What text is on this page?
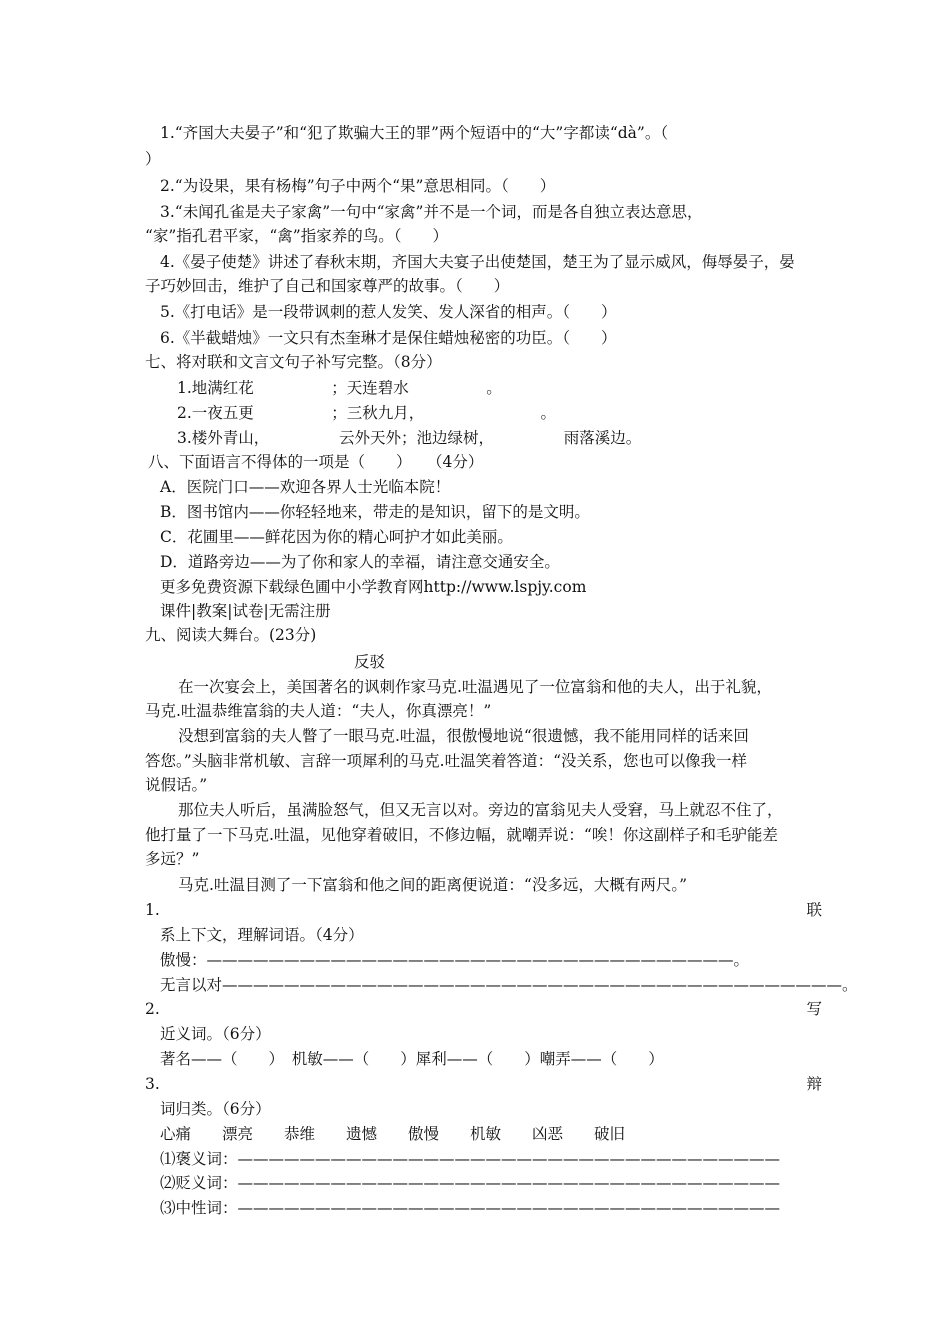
1.“齐国大夫晏子”和“犯了欺骗大王的罪”两个短语中的“大”字都读“dà”。（
）
2.“为设果，果有杨梅”句子中两个“果”意思相同。（　　）
3.“未闻孔雀是夫子家禽”一句中“家禽”并不是一个词，而是各自独立表达意思，
“家”指孔君平家，“禽”指家养的鸟。（　　）
4.《晏子使楚》讲述了春秋末期，齐国大夫宴子出使楚国，楚王为了显示威风，侮辱晏子，晏
子巧妙回击，维护了自己和国家尊严的故事。（　　）
5.《打电话》是一段带讽刺的惹人发笑、发人深省的相声。（　　）
6.《半截蜡烛》一文只有杰奎琳才是保住蜡烛秘密的功臣。（　　）
七、将对联和文言文句子补写完整。（8分）
1.地满红花　　　　　；天连碧水　　　　　。
2.一夜五更　　　　　；三秋九月，　　　　　　　　。
3.楼外青山，　　　　　云外天外；池边绿树，　　　　　雨落溪边。
八、下面语言不得体的一项是（　　）　　（4分）
A．医院门口——欢迎各界人士光临本院！
B．图书馆内——你轻轻地来，带走的是知识，留下的是文明。
C．花圃里——鲜花因为你的精心呵护才如此美丽。
D．道路旁边——为了你和家人的幸福，请注意交通安全。
更多免费资源下载绿色圃中小学教育网http://www.lspjy.com
课件|教案|试卷|无需注册
九、阅读大舞台。(23分)
反驳
在一次宴会上，美国著名的讽刺作家马克.吐温遇见了一位富翁和他的夫人，出于礼貌，
马克.吐温恭维富翁的夫人道：“夫人，你真漂亮！”
没想到富翁的夫人瞥了一眼马克.吐温，很傲慢地说“很遗憾，我不能用同样的话来回
答您。”头脑非常机敏、言辞一项犀利的马克.吐温笑着答道：“没关系，您也可以像我一样
说假话。”
那位夫人听后，虽满脸怒气，但又无言以对。旁边的富翁见夫人受窘，马上就忍不住了，
他打量了一下马克.吐温，见他穿着破旧，不修边幅，就嘲弄说：“唉！你这副样子和毛驴能差
多远？”
马克.吐温目测了一下富翁和他之间的距离便说道：“没多远，大概有两尺。”
1.	联
系上下文，理解词语。（4分）
傲慢：——————————————————————————————————。
无言以对————————————————————————————————————————。
2.	写
近义词。（6分）
著名——（　　）　机敏——（　　）犀利——（　　）嘲弄——（　　）
3.	辩
词归类。（6分）
心痛　　漂亮　　恭维　　遗憾　　傲慢　　机敏　　凶恶　　破旧
⑴褒义词：———————————————————————————————————
⑵贬义词：———————————————————————————————————
⑶中性词：———————————————————————————————————
